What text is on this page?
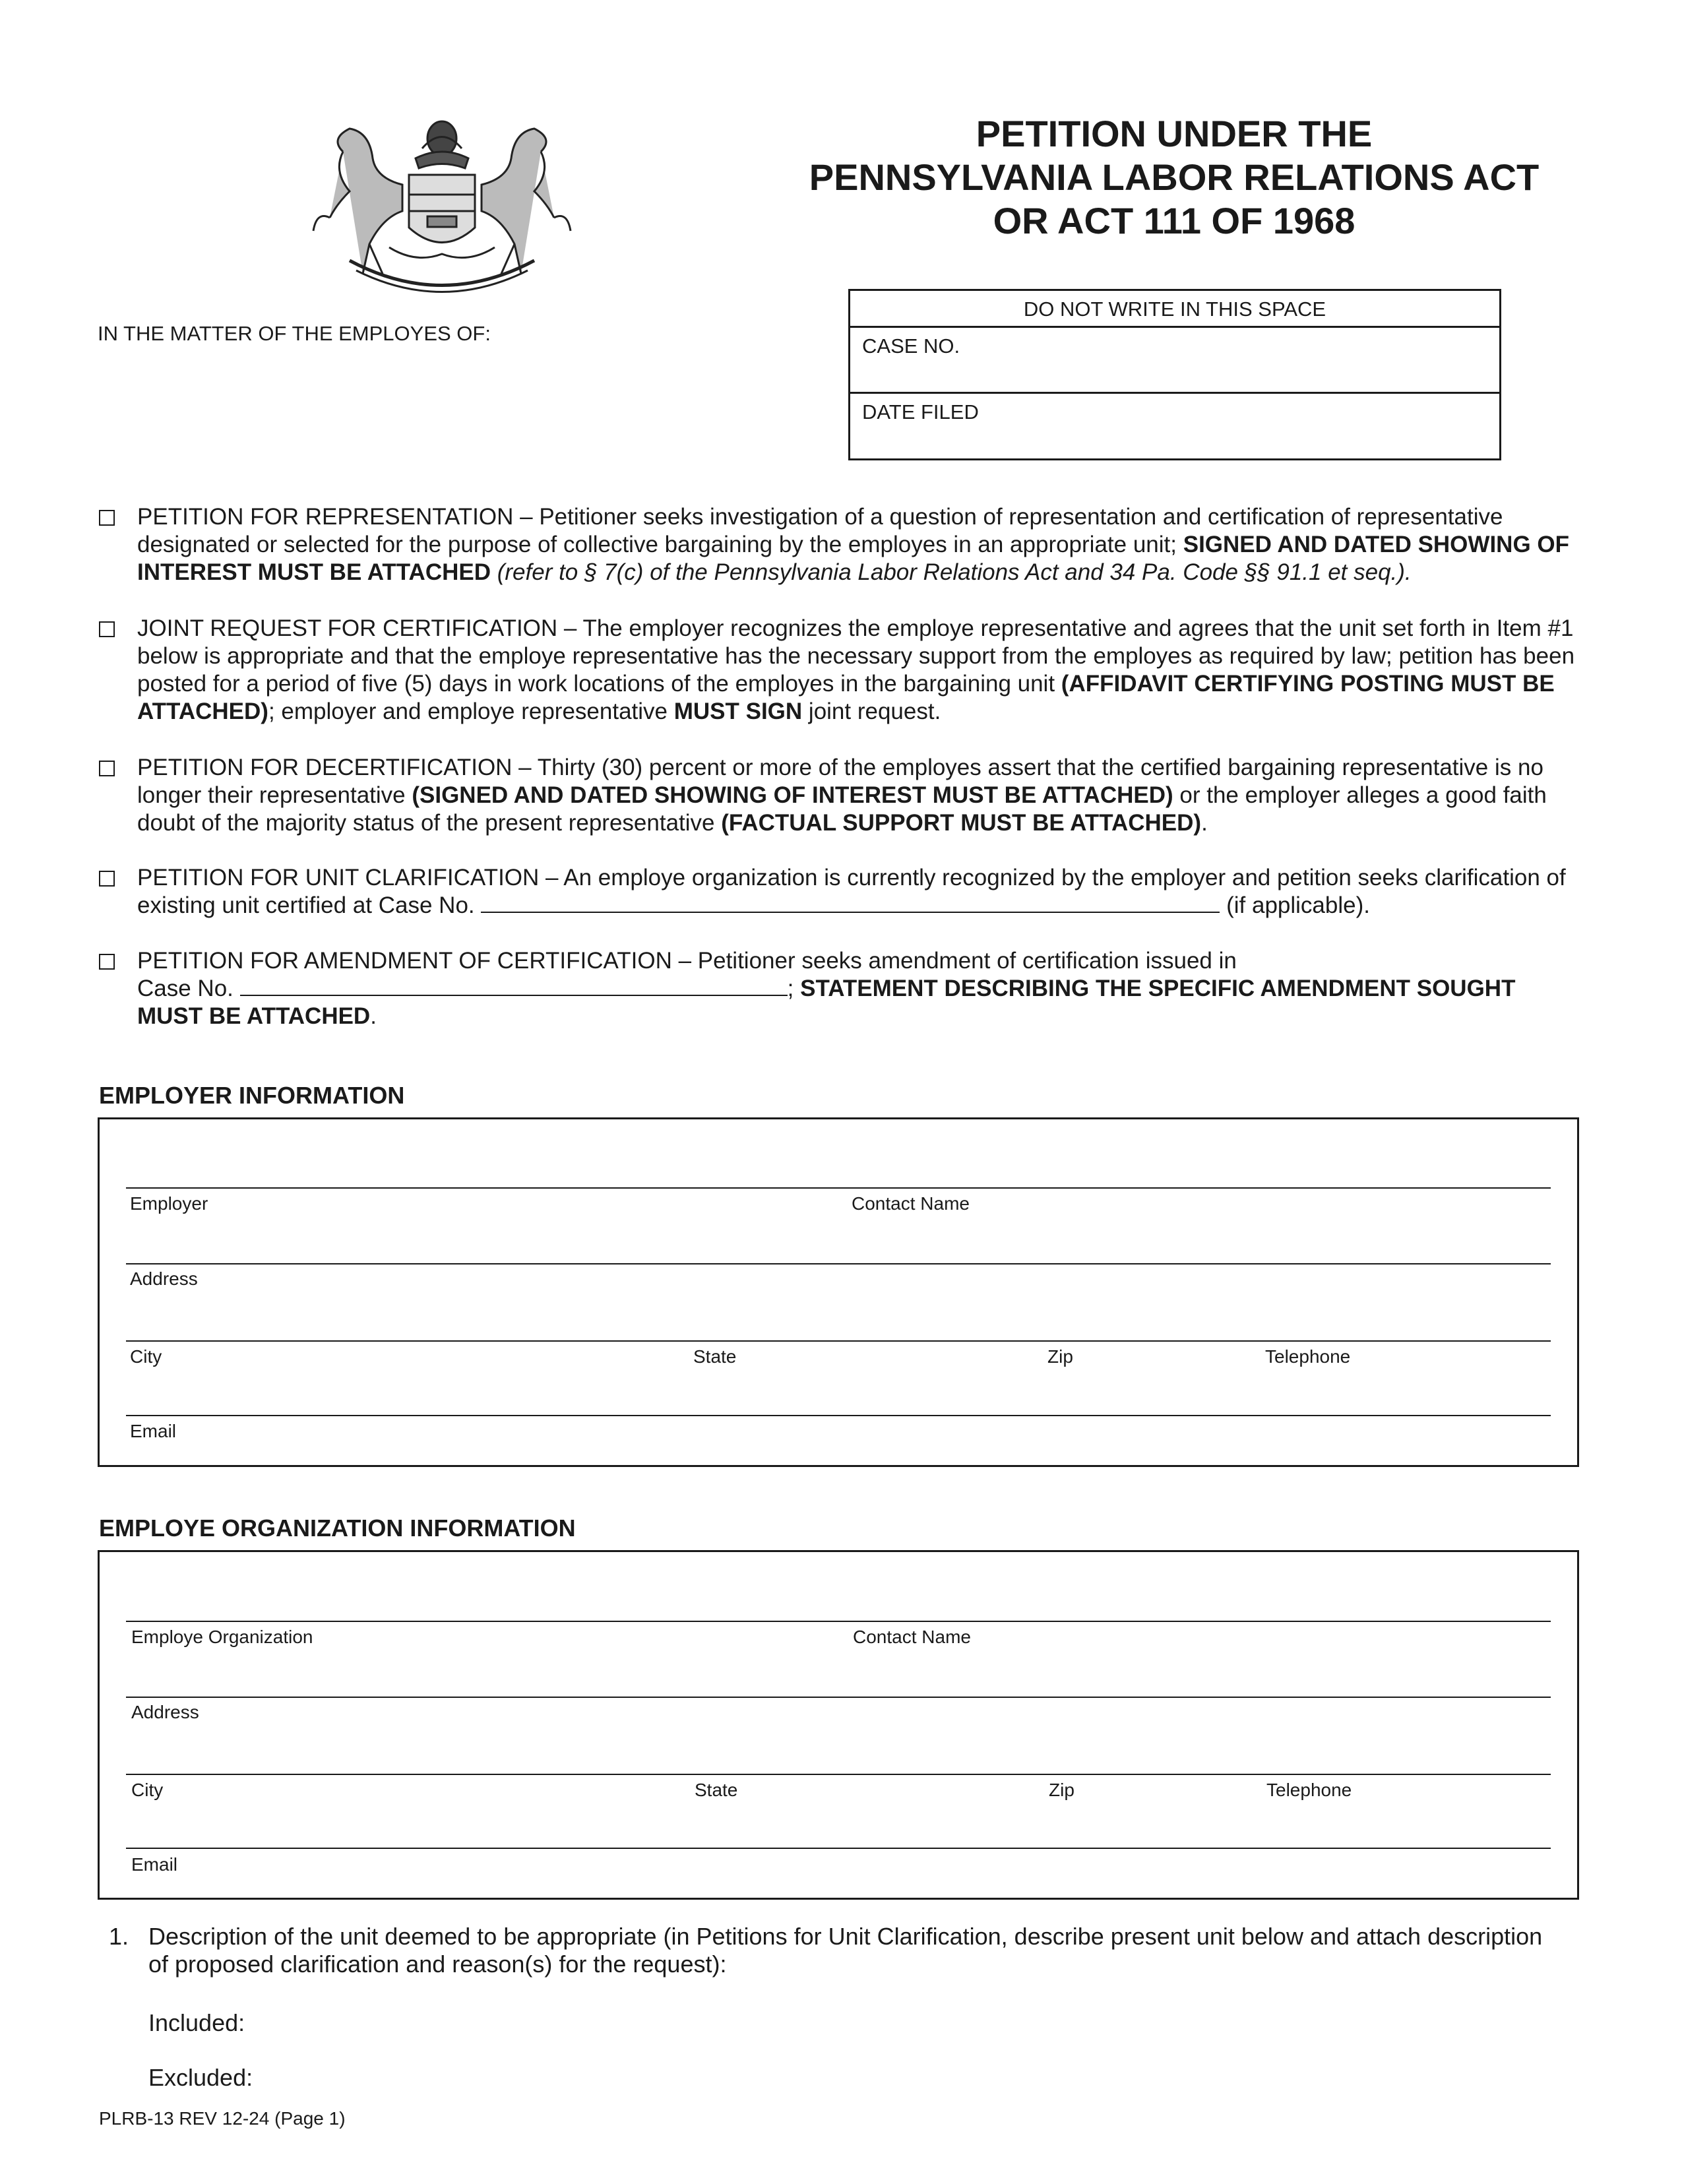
PETITION UNDER THE
PENNSYLVANIA LABOR RELATIONS ACT
OR ACT 111 OF 1968
IN THE MATTER OF THE EMPLOYES OF:
DO NOT WRITE IN THIS SPACE
CASE NO.
DATE FILED
PETITION FOR REPRESENTATION – Petitioner seeks investigation of a question of representation and certification of representative designated or selected for the purpose of collective bargaining by the employes in an appropriate unit; SIGNED AND DATED SHOWING OF INTEREST MUST BE ATTACHED (refer to § 7(c) of the Pennsylvania Labor Relations Act and 34 Pa. Code §§ 91.1 et seq.).
JOINT REQUEST FOR CERTIFICATION – The employer recognizes the employe representative and agrees that the unit set forth in Item #1 below is appropriate and that the employe representative has the necessary support from the employes as required by law; petition has been posted for a period of five (5) days in work locations of the employes in the bargaining unit (AFFIDAVIT CERTIFYING POSTING MUST BE ATTACHED); employer and employe representative MUST SIGN joint request.
PETITION FOR DECERTIFICATION – Thirty (30) percent or more of the employes assert that the certified bargaining representative is no longer their representative (SIGNED AND DATED SHOWING OF INTEREST MUST BE ATTACHED) or the employer alleges a good faith doubt of the majority status of the present representative (FACTUAL SUPPORT MUST BE ATTACHED).
PETITION FOR UNIT CLARIFICATION – An employe organization is currently recognized by the employer and petition seeks clarification of existing unit certified at Case No.	(if applicable).
PETITION FOR AMENDMENT OF CERTIFICATION – Petitioner seeks amendment of certification issued in
Case No.	; STATEMENT DESCRIBING THE SPECIFIC AMENDMENT SOUGHT MUST BE ATTACHED.
EMPLOYER INFORMATION
Employer	Contact Name
Address
City	State	Zip	Telephone
Email
EMPLOYE ORGANIZATION INFORMATION
Employe Organization	Contact Name
Address
City	State	Zip	Telephone
Email
1. Description of the unit deemed to be appropriate (in Petitions for Unit Clarification, describe present unit below and attach description of proposed clarification and reason(s) for the request):
Included:
Excluded:
PLRB-13 REV 12-24 (Page 1)
